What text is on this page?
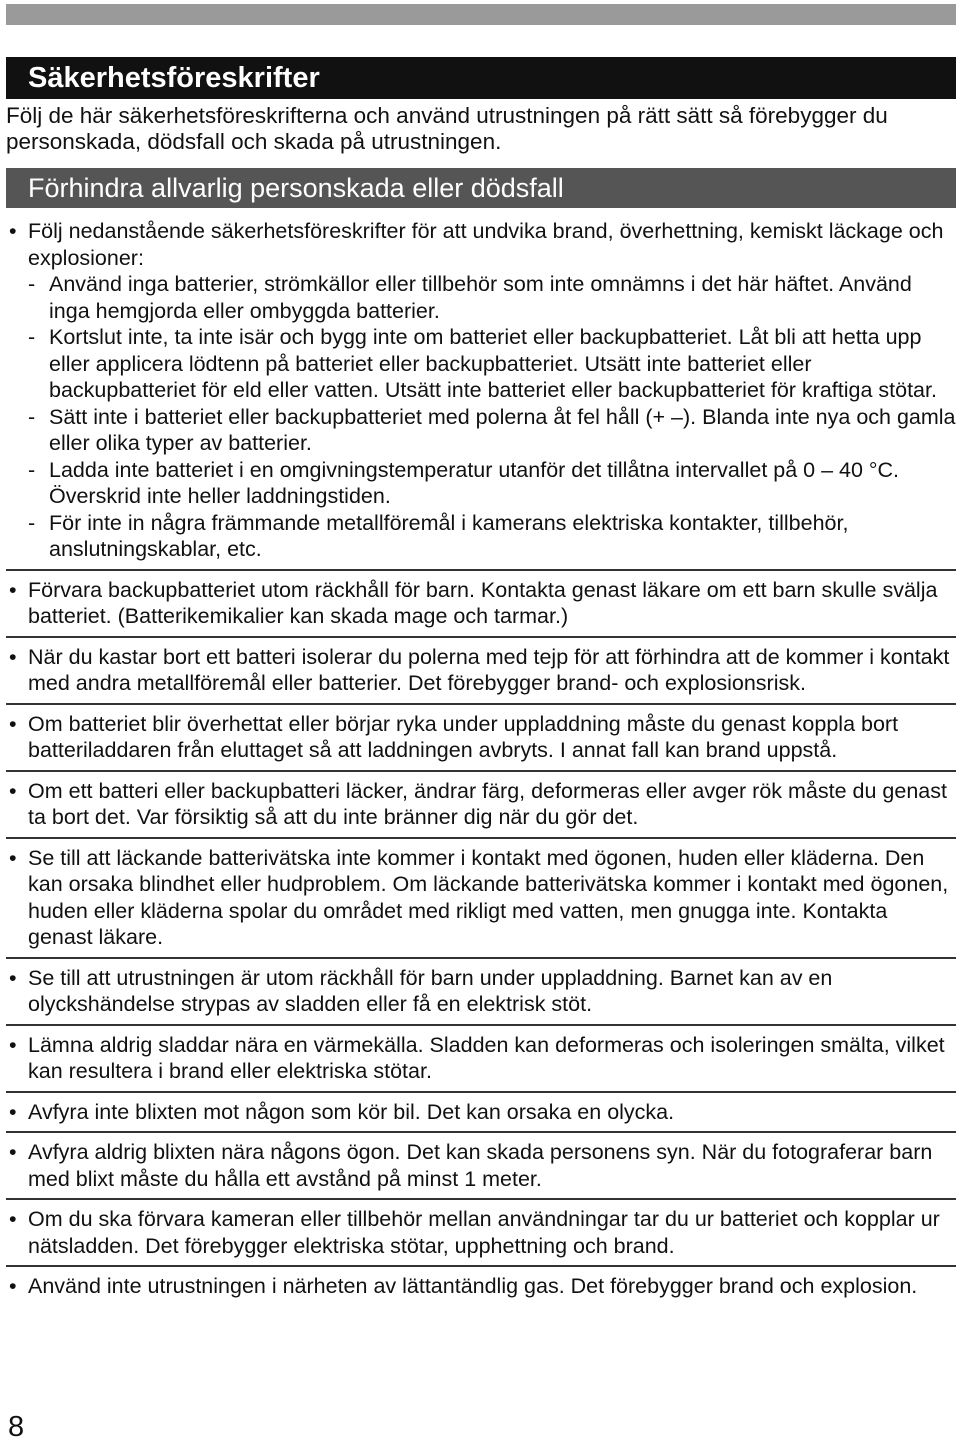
Säkerhetsföreskrifter

Följ de här säkerhetsföreskrifterna och använd utrustningen på rätt sätt så förebygger du personskada, dödsfall och skada på utrustningen.

Förhindra allvarlig personskada eller dödsfall
• Följ nedanstående säkerhetsföreskrifter för att undvika brand, överhettning, kemiskt läckage och explosioner:
- Använd inga batterier, strömkällor eller tillbehör som inte omnämns i det här häftet. Använd inga hemgjorda eller ombyggda batterier.
- Kortslut inte, ta inte isär och bygg inte om batteriet eller backupbatteriet. Låt bli att hetta upp eller applicera lödtenn på batteriet eller backupbatteriet. Utsätt inte batteriet eller backupbatteriet för eld eller vatten. Utsätt inte batteriet eller backupbatteriet för kraftiga stötar.
- Sätt inte i batteriet eller backupbatteriet med polerna åt fel håll (+ –). Blanda inte nya och gamla eller olika typer av batterier.
- Ladda inte batteriet i en omgivningstemperatur utanför det tillåtna intervallet på 0 – 40 °C. Överskrid inte heller laddningstiden.
- För inte in några främmande metallföremål i kamerans elektriska kontakter, tillbehör, anslutningskablar, etc.
• Förvara backupbatteriet utom räckhåll för barn. Kontakta genast läkare om ett barn skulle svälja batteriet. (Batterikemikalier kan skada mage och tarmar.)
• När du kastar bort ett batteri isolerar du polerna med tejp för att förhindra att de kommer i kontakt med andra metallföremål eller batterier. Det förebygger brand- och explosionsrisk.
• Om batteriet blir överhettat eller börjar ryka under uppladdning måste du genast koppla bort batteriladdaren från eluttaget så att laddningen avbryts. I annat fall kan brand uppstå.
• Om ett batteri eller backupbatteri läcker, ändrar färg, deformeras eller avger rök måste du genast ta bort det. Var försiktig så att du inte bränner dig när du gör det.
• Se till att läckande batterivätska inte kommer i kontakt med ögonen, huden eller kläderna. Den kan orsaka blindhet eller hudproblem. Om läckande batterivätska kommer i kontakt med ögonen, huden eller kläderna spolar du området med rikligt med vatten, men gnugga inte. Kontakta genast läkare.
• Se till att utrustningen är utom räckhåll för barn under uppladdning. Barnet kan av en olyckshändelse strypas av sladden eller få en elektrisk stöt.
• Lämna aldrig sladdar nära en värmekälla. Sladden kan deformeras och isoleringen smälta, vilket kan resultera i brand eller elektriska stötar.
• Avfyra inte blixten mot någon som kör bil. Det kan orsaka en olycka.
• Avfyra aldrig blixten nära någons ögon. Det kan skada personens syn. När du fotograferar barn med blixt måste du hålla ett avstånd på minst 1 meter.
• Om du ska förvara kameran eller tillbehör mellan användningar tar du ur batteriet och kopplar ur nätsladden. Det förebygger elektriska stötar, upphettning och brand.
• Använd inte utrustningen i närheten av lättantändlig gas. Det förebygger brand och explosion.
8
